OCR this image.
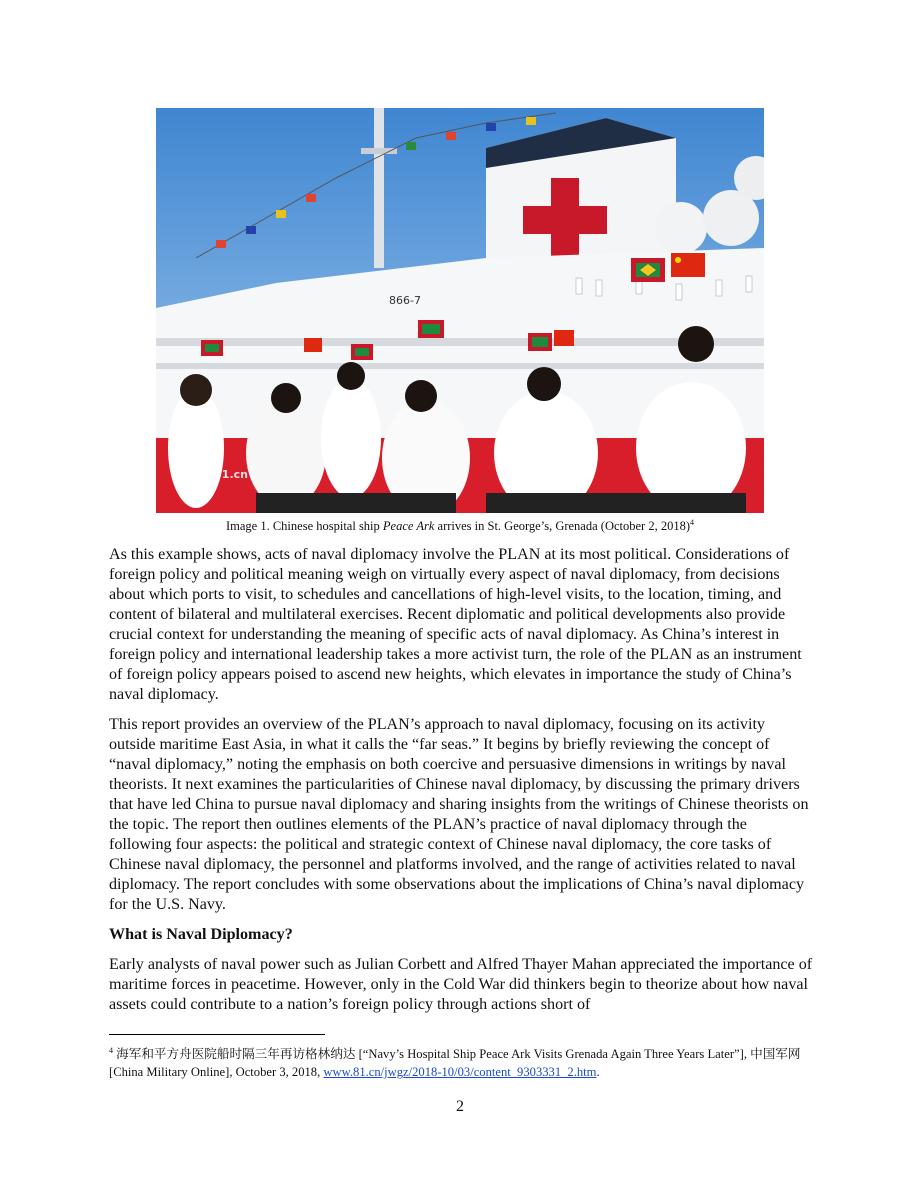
866-7
Navy.81.cn
Image 1. Chinese hospital ship Peace Ark arrives in St. George’s, Grenada (October 2, 2018)$^4$

As this example shows, acts of naval diplomacy involve the PLAN at its most political. Considerations of foreign policy and political meaning weigh on virtually every aspect of naval diplomacy, from decisions about which ports to visit, to schedules and cancellations of high-level visits, to the location, timing, and content of bilateral and multilateral exercises. Recent diplomatic and political developments also provide crucial context for understanding the meaning of specific acts of naval diplomacy. As China’s interest in foreign policy and international leadership takes a more activist turn, the role of the PLAN as an instrument of foreign policy appears poised to ascend new heights, which elevates in importance the study of China’s naval diplomacy.

This report provides an overview of the PLAN’s approach to naval diplomacy, focusing on its activity outside maritime East Asia, in what it calls the “far seas.” It begins by briefly reviewing the concept of “naval diplomacy,” noting the emphasis on both coercive and persuasive dimensions in writings by naval theorists. It next examines the particularities of Chinese naval diplomacy, by discussing the primary drivers that have led China to pursue naval diplomacy and sharing insights from the writings of Chinese theorists on the topic. The report then outlines elements of the PLAN’s practice of naval diplomacy through the following four aspects: the political and strategic context of Chinese naval diplomacy, the core tasks of Chinese naval diplomacy, the personnel and platforms involved, and the range of activities related to naval diplomacy. The report concludes with some observations about the implications of China’s naval diplomacy for the U.S. Navy.

What is Naval Diplomacy?

Early analysts of naval power such as Julian Corbett and Alfred Thayer Mahan appreciated the importance of maritime forces in peacetime. However, only in the Cold War did thinkers begin to theorize about how naval assets could contribute to a nation’s foreign policy through actions short of

$^4$ 海军和平方舟医院船时隔三年再访格林纳达 [“Navy’s Hospital Ship Peace Ark Visits Grenada Again Three Years Later”], 中国军网 [China Military Online], October 3, 2018, www.81.cn/jwgz/2018-10/03/content_9303331_2.htm.
2
